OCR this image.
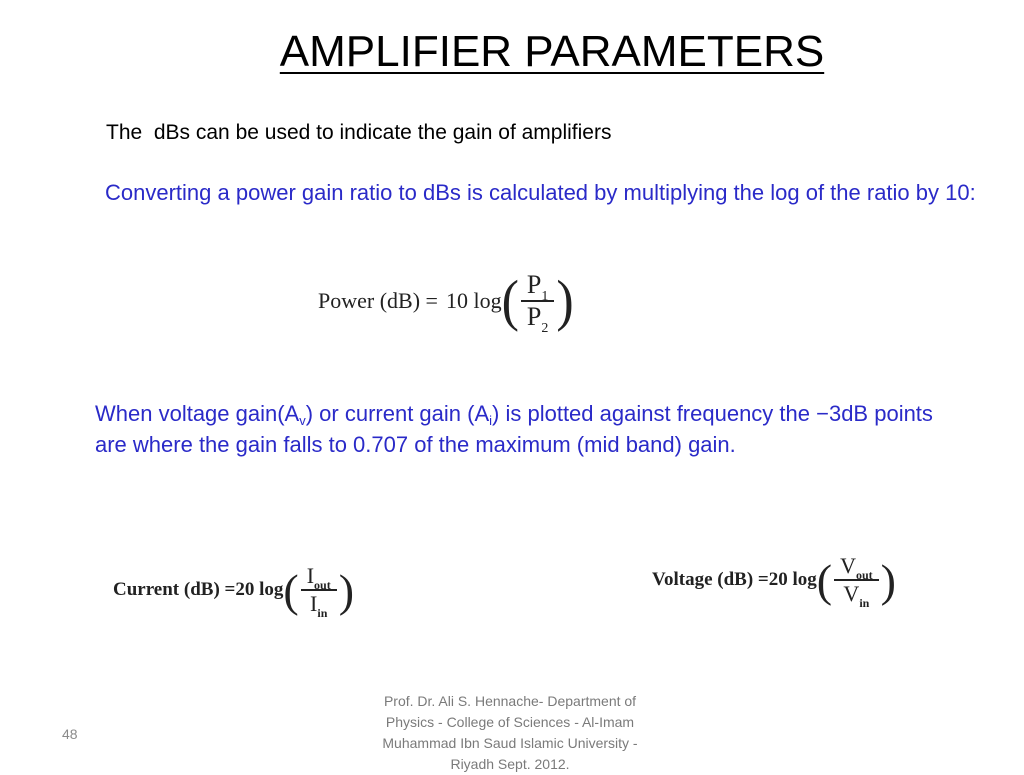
AMPLIFIER PARAMETERS
The  dBs can be used to indicate the gain of amplifiers
Converting a power gain ratio to dBs is calculated by multiplying the log of the ratio by 10:
Power (dB) = 10 log ( $\frac{P_1}{P_2}$ )
When voltage $gain(A_v)$ or current gain $(A_i)$ is plotted against frequency the −3dB points are where the gain falls to 0.707 of the maximum (mid band) gain.
Current (dB) =20 log ( $\frac{I_{out}}{I_{in}}$ )	Voltage (dB) =20 log ( $\frac{V_{out}}{V_{in}}$ )
48
Prof. Dr. Ali S. Hennache- Department of Physics - College of Sciences - Al-Imam Muhammad Ibn Saud Islamic University - Riyadh Sept. 2012.
